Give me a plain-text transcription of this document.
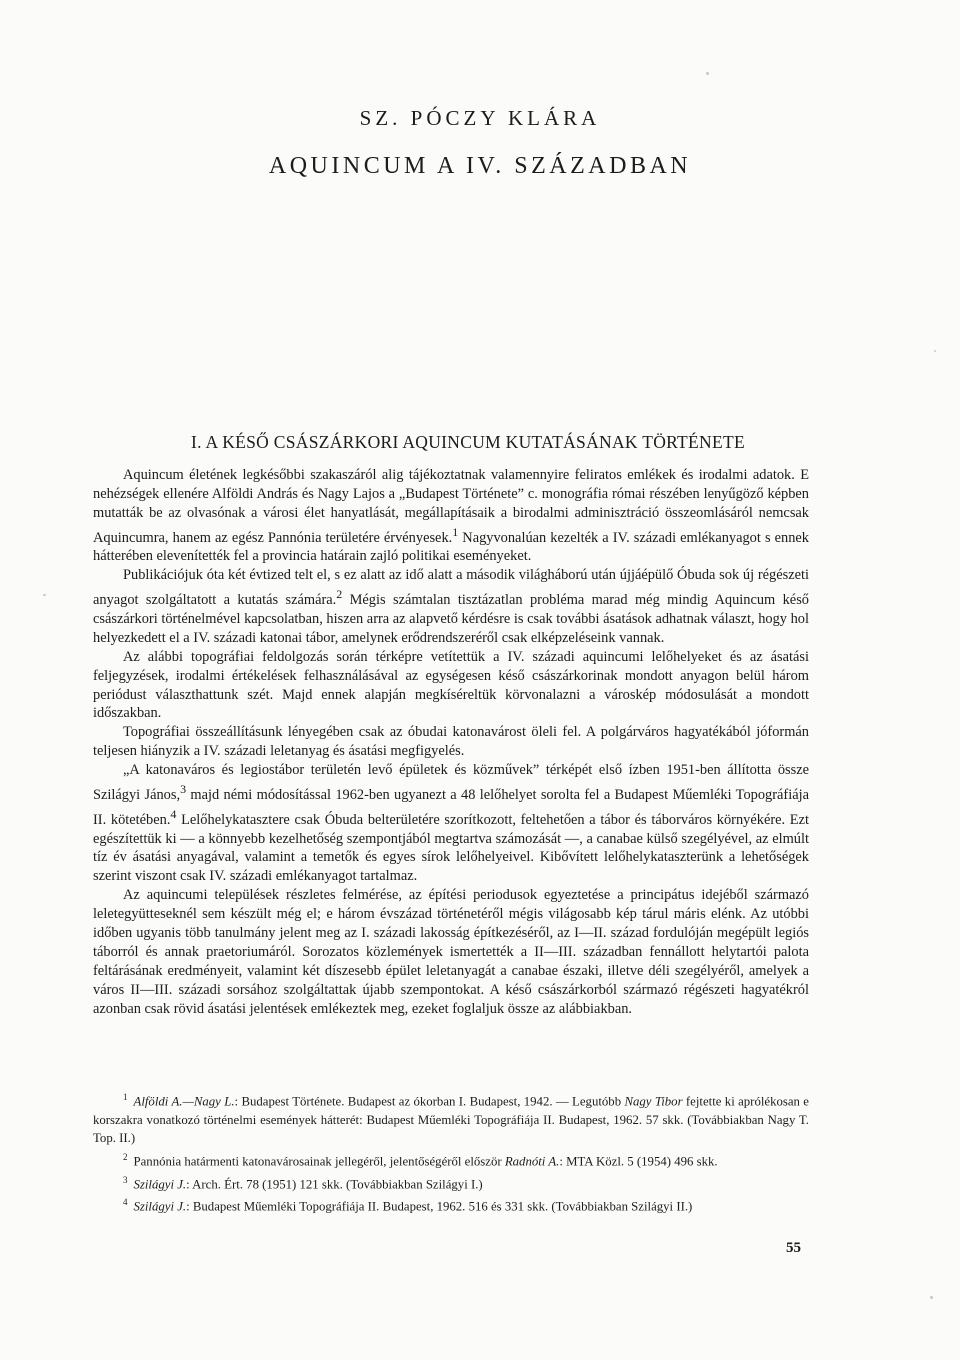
SZ. PÓCZY KLÁRA
AQUINCUM A IV. SZÁZADBAN
I. A KÉSŐ CSÁSZÁRKORI AQUINCUM KUTATÁSÁNAK TÖRTÉNETE

Aquincum életének legkésőbbi szakaszáról alig tájékoztatnak valamennyire feliratos emlékek és irodalmi adatok. E nehézségek ellenére Alföldi András és Nagy Lajos a „Budapest Története” c. monográfia római részében lenyűgöző képben mutatták be az olvasónak a városi élet hanyatlását, megállapításaik a birodalmi adminisztráció összeomlásáról nemcsak Aquincumra, hanem az egész Pannónia területére érvényesek.$^1$ Nagyvonalúan kezelték a IV. századi emlékanyagot s ennek hátterében elevenítették fel a provincia határain zajló politikai eseményeket.

Publikációjuk óta két évtized telt el, s ez alatt az idő alatt a második világháború után újjáépülő Óbuda sok új régészeti anyagot szolgáltatott a kutatás számára.$^2$ Mégis számtalan tisztázatlan probléma marad még mindig Aquincum késő császárkori történelmével kapcsolatban, hiszen arra az alapvető kérdésre is csak további ásatások adhatnak választ, hogy hol helyezkedett el a IV. századi katonai tábor, amelynek erődrendszeréről csak elképzeléseink vannak.

Az alábbi topográfiai feldolgozás során térképre vetítettük a IV. századi aquincumi lelőhelyeket és az ásatási feljegyzések, irodalmi értékelések felhasználásával az egységesen késő császárkorinak mondott anyagon belül három periódust választhattunk szét. Majd ennek alapján megkíséreltük körvonalazni a városkép módosulását a mondott időszakban.

Topográfiai összeállításunk lényegében csak az óbudai katonavárost öleli fel. A polgárváros hagyatékából jóformán teljesen hiányzik a IV. századi leletanyag és ásatási megfigyelés.

„A katonaváros és legiostábor területén levő épületek és közművek” térképét első ízben 1951-ben állította össze Szilágyi János,$^3$ majd némi módosítással 1962-ben ugyanezt a 48 lelőhelyet sorolta fel a Budapest Műemléki Topográfiája II. kötetében.$^4$ Lelőhelykataszterе csak Óbuda belterületére szorítkozott, feltehetően a tábor és táborváros környékére. Ezt egészítettük ki — a könnyebb kezelhetőség szempontjából megtartva számozását —, a canabae külső szegélyével, az elmúlt tíz év ásatási anyagával, valamint a temetők és egyes sírok lelőhelyeivel. Kibővített lelőhelykataszterünk a lehetőségek szerint viszont csak IV. századi emlékanyagot tartalmaz.

Az aquincumi települések részletes felmérése, az építési periodusok egyeztetése a principátus idejéből származó leletegyüttesеknél sem készült még el; e három évszázad történetéről mégis világosabb kép tárul máris elénk. Az utóbbi időben ugyanis több tanulmány jelent meg az I. századi lakosság építkezéséről, az I—II. század fordulóján megépült legiós táborról és annak praetoriumáról. Sorozatos közlemények ismertették a II—III. században fennállott helytartói palota feltárásának eredményeit, valamint két díszesebb épület leletanyagát a canabae északi, illetve déli szegélyéről, amelyek a város II—III. századi sorsához szolgáltattak újabb szempontokat. A késő császárkorból származó régészeti hagyatékról azonban csak rövid ásatási jelentések emlékeztek meg, ezeket foglaljuk össze az alábbiakban.

$^1$ Alföldi A.—Nagy L.: Budapest Története. Budapest az ókorban I. Budapest, 1942. — Legutóbb Nagy Tibor fejtette ki aprólékosan e korszakra vonatkozó történelmi események hátterét: Budapest Műemléki Topográfiája II. Budapest, 1962. 57 skk. (Továbbiakban Nagy T. Top. II.)

$^2$ Pannónia határmenti katonavárosainak jellegéről, jelentőségéről először Radnóti A.: MTA Közl. 5 (1954) 496 skk.

$^3$ Szilágyi J.: Arch. Ért. 78 (1951) 121 skk. (Továbbiakban Szilágyi I.)

$^4$ Szilágyi J.: Budapest Műemléki Topográfiája II. Budapest, 1962. 516 és 331 skk. (Továbbiakban Szilágyi II.)

55
